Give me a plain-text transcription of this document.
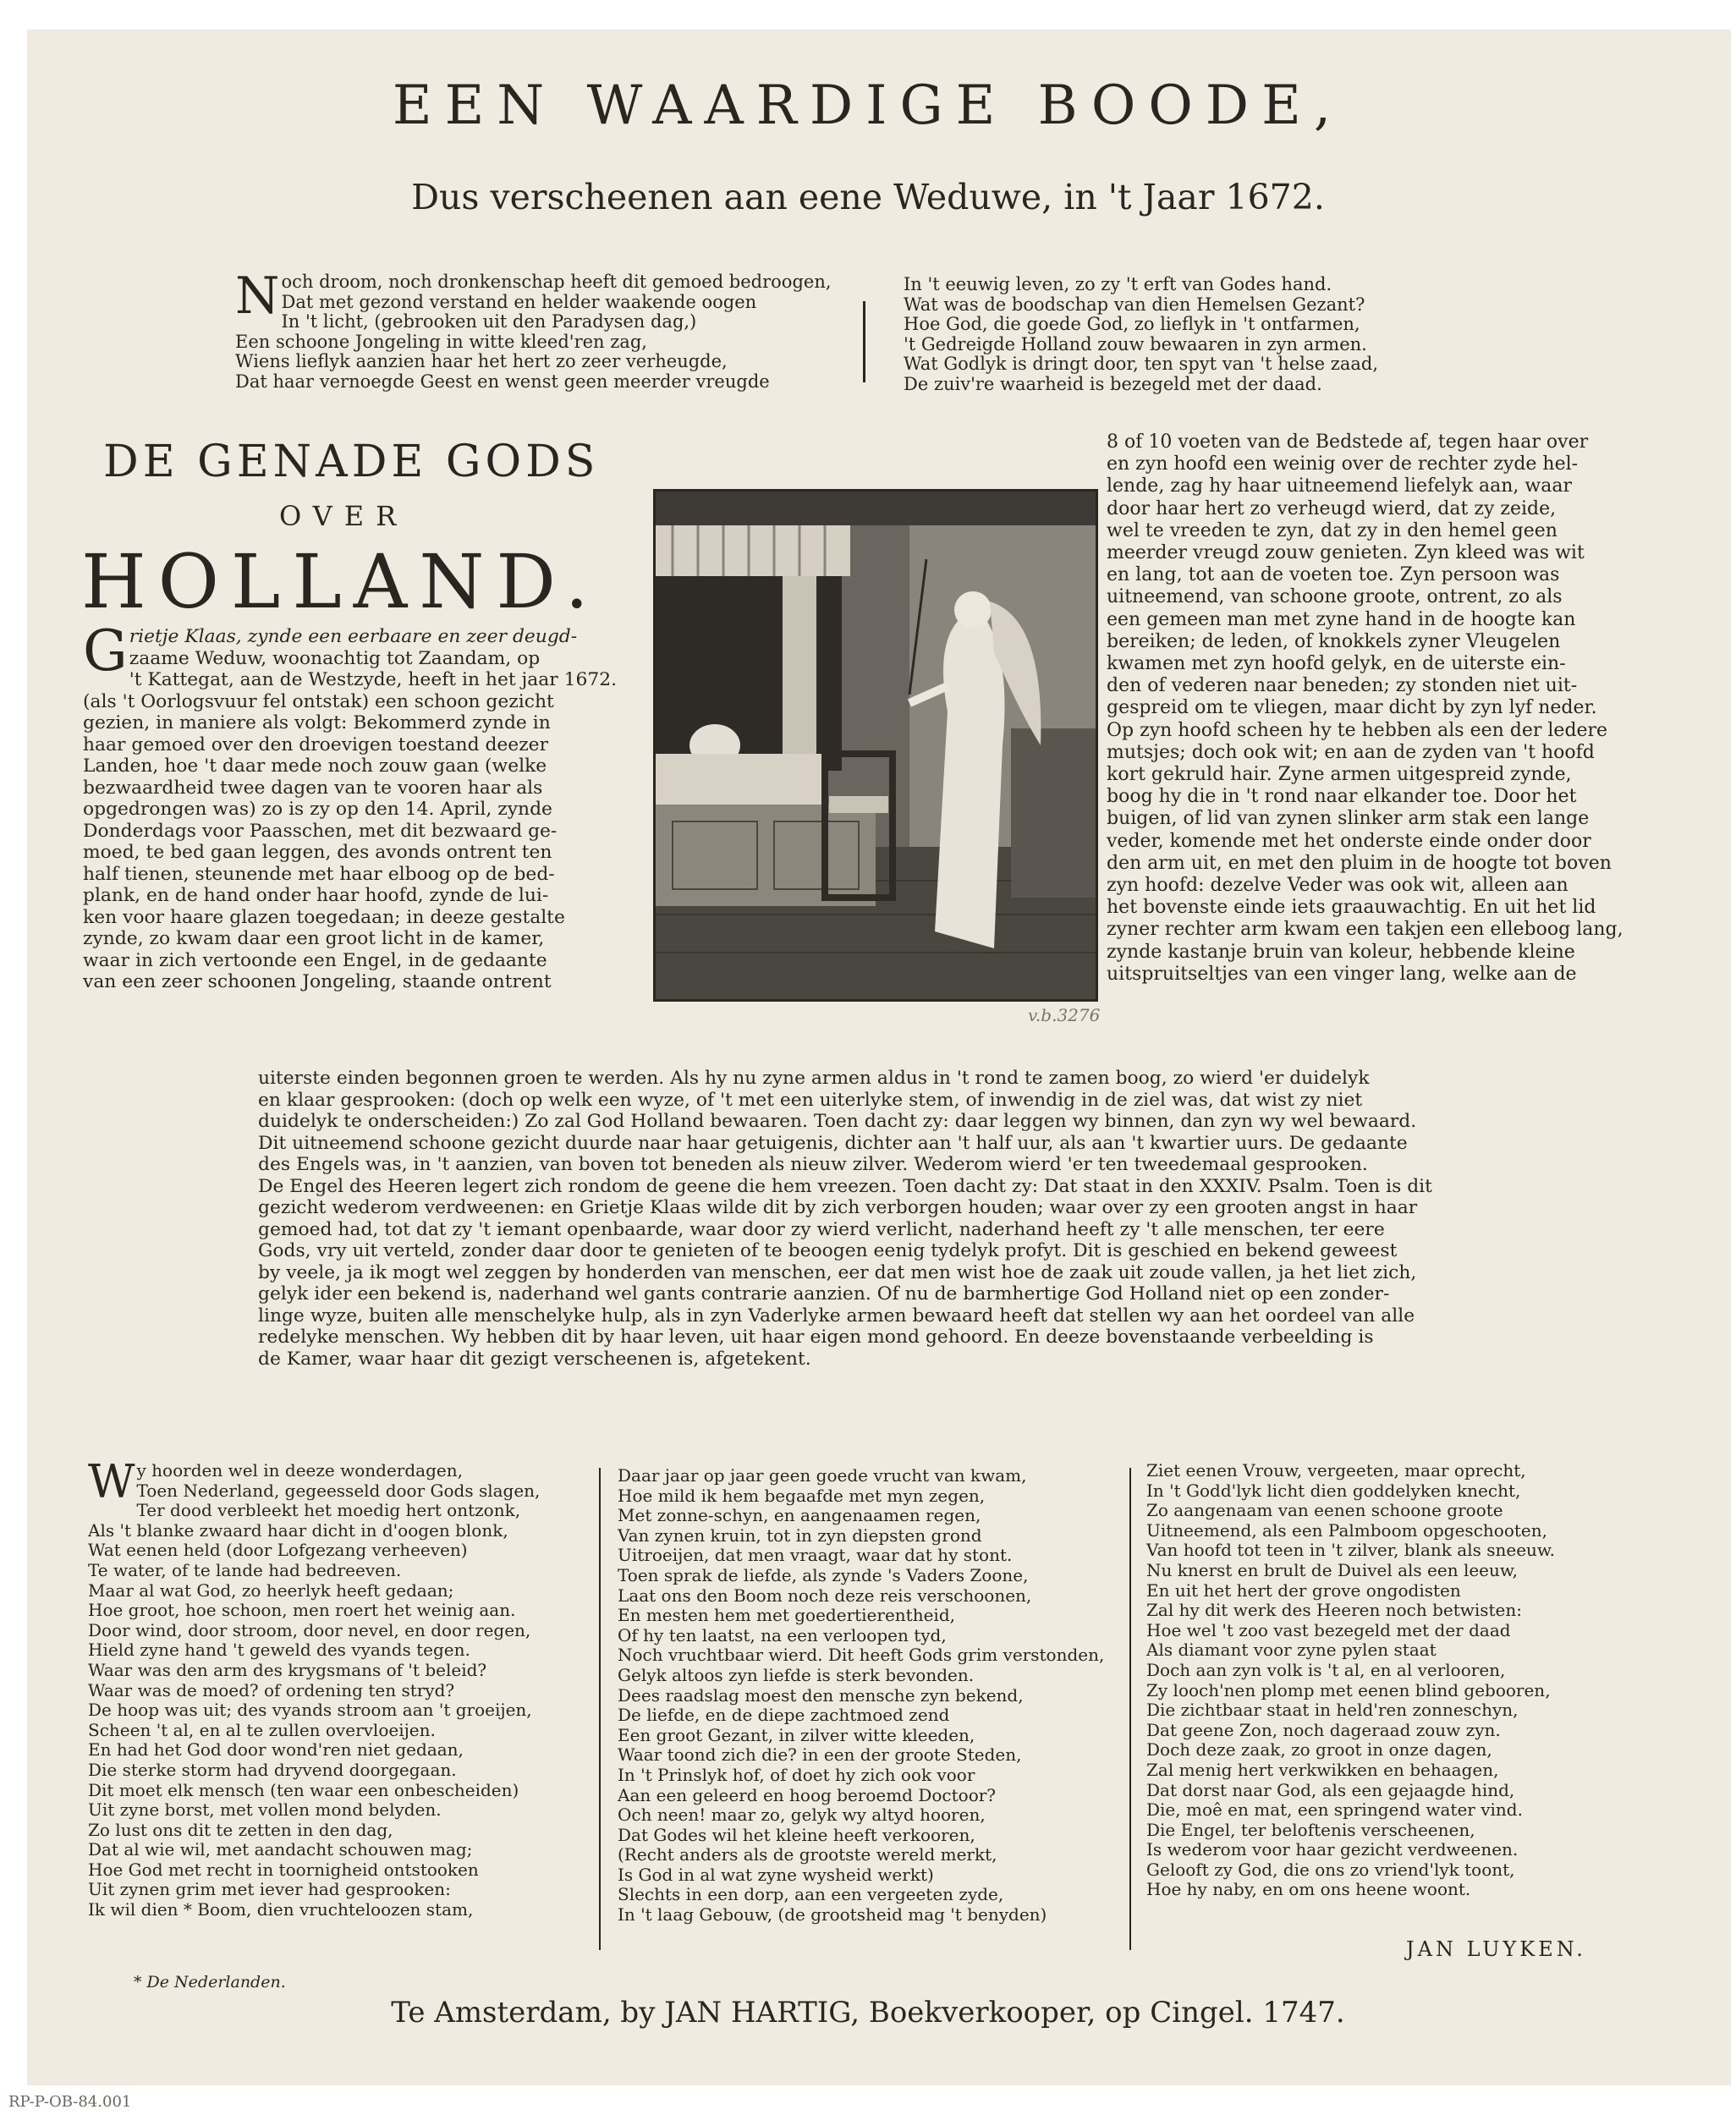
EEN WAARDIGE BOODE,
Dus verscheenen aan eene Weduwe, in 't Jaar 1672.
N och droom, noch dronkenschap heeft dit gemoed bedroogen,
Dat met gezond verstand en helder waakende oogen
In 't licht, (gebrooken uit den Paradysen dag,)
Een schoone Jongeling in witte kleed'ren zag,
Wiens lieflyk aanzien haar het hert zo zeer verheugde,
Dat haar vernoegde Geest en wenst geen meerder vreugde
In 't eeuwig leven, zo zy 't erft van Godes hand.
Wat was de boodschap van dien Hemelsen Gezant?
Hoe God, die goede God, zo lieflyk in 't ontfarmen,
't Gedreigde Holland zouw bewaaren in zyn armen.
Wat Godlyk is dringt door, ten spyt van 't helse zaad,
De zuiv're waarheid is bezegeld met der daad.
DE GENADE GODS
OVER
HOLLAND.
G rietje Klaas, zynde een eerbaare en zeer deugd-
zaame Weduw, woonachtig tot Zaandam, op
't Kattegat, aan de Westzyde, heeft in het jaar 1672.
(als 't Oorlogsvuur fel ontstak) een schoon gezicht
gezien, in maniere als volgt: Bekommerd zynde in
haar gemoed over den droevigen toestand deezer
Landen, hoe 't daar mede noch zouw gaan (welke
bezwaardheid twee dagen van te vooren haar als
opgedrongen was) zo is zy op den 14. April, zynde
Donderdags voor Paasschen, met dit bezwaard ge-
moed, te bed gaan leggen, des avonds ontrent ten
half tienen, steunende met haar elboog op de bed-
plank, en de hand onder haar hoofd, zynde de lui-
ken voor haare glazen toegedaan; in deeze gestalte
zynde, zo kwam daar een groot licht in de kamer,
waar in zich vertoonde een Engel, in de gedaante
van een zeer schoonen Jongeling, staande ontrent
v.b.3276
8 of 10 voeten van de Bedstede af, tegen haar over
en zyn hoofd een weinig over de rechter zyde hel-
lende, zag hy haar uitneemend liefelyk aan, waar
door haar hert zo verheugd wierd, dat zy zeide,
wel te vreeden te zyn, dat zy in den hemel geen
meerder vreugd zouw genieten. Zyn kleed was wit
en lang, tot aan de voeten toe. Zyn persoon was
uitneemend, van schoone groote, ontrent, zo als
een gemeen man met zyne hand in de hoogte kan
bereiken; de leden, of knokkels zyner Vleugelen
kwamen met zyn hoofd gelyk, en de uiterste ein-
den of vederen naar beneden; zy stonden niet uit-
gespreid om te vliegen, maar dicht by zyn lyf neder.
Op zyn hoofd scheen hy te hebben als een der ledere
mutsjes; doch ook wit; en aan de zyden van 't hoofd
kort gekruld hair. Zyne armen uitgespreid zynde,
boog hy die in 't rond naar elkander toe. Door het
buigen, of lid van zynen slinker arm stak een lange
veder, komende met het onderste einde onder door
den arm uit, en met den pluim in de hoogte tot boven
zyn hoofd: dezelve Veder was ook wit, alleen aan
het bovenste einde iets graauwachtig. En uit het lid
zyner rechter arm kwam een takjen een elleboog lang,
zynde kastanje bruin van koleur, hebbende kleine
uitspruitseltjes van een vinger lang, welke aan de
uiterste einden begonnen groen te werden. Als hy nu zyne armen aldus in 't rond te zamen boog, zo wierd 'er duidelyk
en klaar gesprooken: (doch op welk een wyze, of 't met een uiterlyke stem, of inwendig in de ziel was, dat wist zy niet
duidelyk te onderscheiden:) Zo zal God Holland bewaaren. Toen dacht zy: daar leggen wy binnen, dan zyn wy wel bewaard.
Dit uitneemend schoone gezicht duurde naar haar getuigenis, dichter aan 't half uur, als aan 't kwartier uurs. De gedaante
des Engels was, in 't aanzien, van boven tot beneden als nieuw zilver. Wederom wierd 'er ten tweedemaal gesprooken.
De Engel des Heeren legert zich rondom de geene die hem vreezen. Toen dacht zy: Dat staat in den XXXIV. Psalm. Toen is dit
gezicht wederom verdweenen: en Grietje Klaas wilde dit by zich verborgen houden; waar over zy een grooten angst in haar
gemoed had, tot dat zy 't iemant openbaarde, waar door zy wierd verlicht, naderhand heeft zy 't alle menschen, ter eere
Gods, vry uit verteld, zonder daar door te genieten of te beoogen eenig tydelyk profyt. Dit is geschied en bekend geweest
by veele, ja ik mogt wel zeggen by honderden van menschen, eer dat men wist hoe de zaak uit zoude vallen, ja het liet zich,
gelyk ider een bekend is, naderhand wel gants contrarie aanzien. Of nu de barmhertige God Holland niet op een zonder-
linge wyze, buiten alle menschelyke hulp, als in zyn Vaderlyke armen bewaard heeft dat stellen wy aan het oordeel van alle
redelyke menschen. Wy hebben dit by haar leven, uit haar eigen mond gehoord. En deeze bovenstaande verbeelding is
de Kamer, waar haar dit gezigt verscheenen is, afgetekent.
W y hoorden wel in deeze wonderdagen,
Toen Nederland, gegeesseld door Gods slagen,
Ter dood verbleekt het moedig hert ontzonk,
Als 't blanke zwaard haar dicht in d'oogen blonk,
Wat eenen held (door Lofgezang verheeven)
Te water, of te lande had bedreeven.
Maar al wat God, zo heerlyk heeft gedaan;
Hoe groot, hoe schoon, men roert het weinig aan.
Door wind, door stroom, door nevel, en door regen,
Hield zyne hand 't geweld des vyands tegen.
Waar was den arm des krygsmans of 't beleid?
Waar was de moed? of ordening ten stryd?
De hoop was uit; des vyands stroom aan 't groeijen,
Scheen 't al, en al te zullen overvloeijen.
En had het God door wond'ren niet gedaan,
Die sterke storm had dryvend doorgegaan.
Dit moet elk mensch (ten waar een onbescheiden)
Uit zyne borst, met vollen mond belyden.
Zo lust ons dit te zetten in den dag,
Dat al wie wil, met aandacht schouwen mag;
Hoe God met recht in toornigheid ontstooken
Uit zynen grim met iever had gesprooken:
Ik wil dien * Boom, dien vruchteloozen stam,
Daar jaar op jaar geen goede vrucht van kwam,
Hoe mild ik hem begaafde met myn zegen,
Met zonne-schyn, en aangenaamen regen,
Van zynen kruin, tot in zyn diepsten grond
Uitroeijen, dat men vraagt, waar dat hy stont.
Toen sprak de liefde, als zynde 's Vaders Zoone,
Laat ons den Boom noch deze reis verschoonen,
En mesten hem met goedertierentheid,
Of hy ten laatst, na een verloopen tyd,
Noch vruchtbaar wierd. Dit heeft Gods grim verstonden,
Gelyk altoos zyn liefde is sterk bevonden.
Dees raadslag moest den mensche zyn bekend,
De liefde, en de diepe zachtmoed zend
Een groot Gezant, in zilver witte kleeden,
Waar toond zich die? in een der groote Steden,
In 't Prinslyk hof, of doet hy zich ook voor
Aan een geleerd en hoog beroemd Doctoor?
Och neen! maar zo, gelyk wy altyd hooren,
Dat Godes wil het kleine heeft verkooren,
(Recht anders als de grootste wereld merkt,
Is God in al wat zyne wysheid werkt)
Slechts in een dorp, aan een vergeeten zyde,
In 't laag Gebouw, (de grootsheid mag 't benyden)
Ziet eenen Vrouw, vergeeten, maar oprecht,
In 't Godd'lyk licht dien goddelyken knecht,
Zo aangenaam van eenen schoone groote
Uitneemend, als een Palmboom opgeschooten,
Van hoofd tot teen in 't zilver, blank als sneeuw.
Nu knerst en brult de Duivel als een leeuw,
En uit het hert der grove ongodisten
Zal hy dit werk des Heeren noch betwisten:
Hoe wel 't zoo vast bezegeld met der daad
Als diamant voor zyne pylen staat
Doch aan zyn volk is 't al, en al verlooren,
Zy looch'nen plomp met eenen blind gebooren,
Die zichtbaar staat in held'ren zonneschyn,
Dat geene Zon, noch dageraad zouw zyn.
Doch deze zaak, zo groot in onze dagen,
Zal menig hert verkwikken en behaagen,
Dat dorst naar God, als een gejaagde hind,
Die, moê en mat, een springend water vind.
Die Engel, ter beloftenis verscheenen,
Is wederom voor haar gezicht verdweenen.
Gelooft zy God, die ons zo vriend'lyk toont,
Hoe hy naby, en om ons heene woont.
JAN LUYKEN.
* De Nederlanden.
Te Amsterdam, by JAN HARTIG, Boekverkooper, op Cingel. 1747.
RP-P-OB-84.001
